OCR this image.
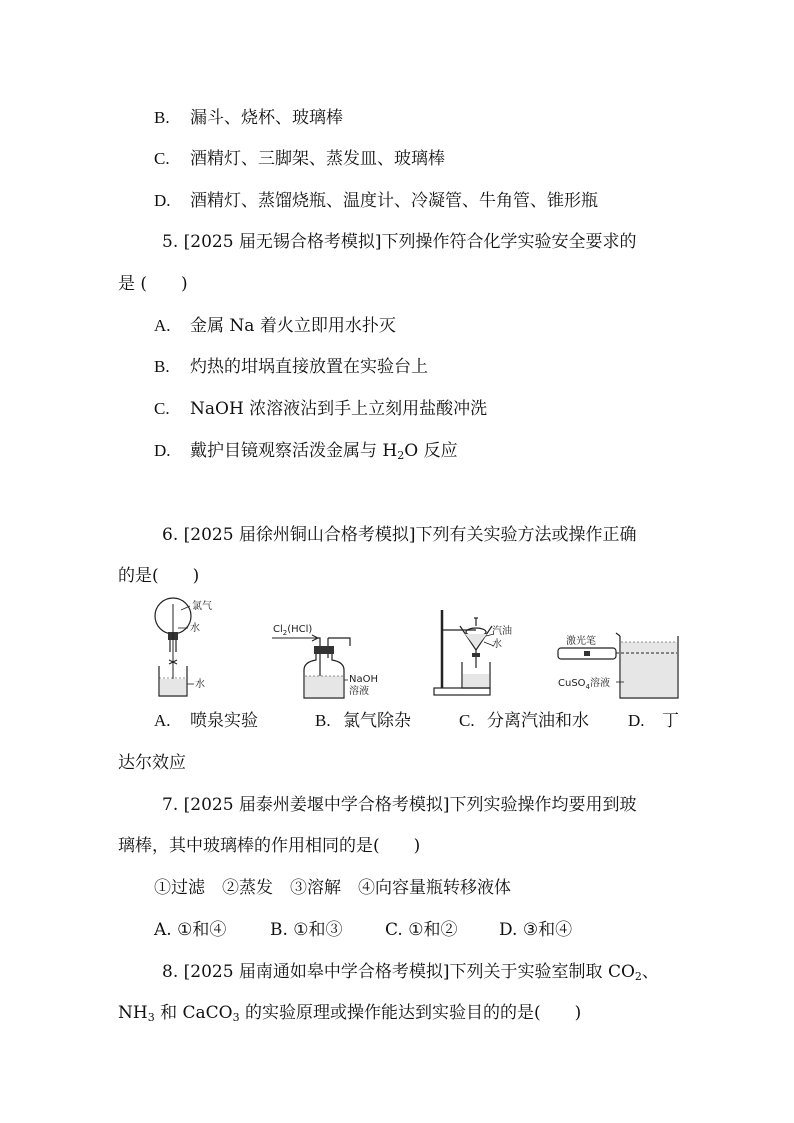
B. 漏斗、烧杯、玻璃棒
C. 酒精灯、三脚架、蒸发皿、玻璃棒
D. 酒精灯、蒸馏烧瓶、温度计、冷凝管、牛角管、锥形瓶
5. [2025 届无锡合格考模拟]下列操作符合化学实验安全要求的
是 (　　)
A. 金属 Na 着火立即用水扑灭
B. 灼热的坩埚直接放置在实验台上
C. NaOH 浓溶液沾到手上立刻用盐酸冲洗
D. 戴护目镜观察活泼金属与 $H_2O$ 反应
6. [2025 届徐州铜山合格考模拟]下列有关实验方法或操作正确
的是(　　)
氯气
水
水
$Cl_2(HCl)$
NaOH
溶液
汽油
水	激光笔
CuSO$_4$溶液
A. 喷泉实验	B. 氯气除杂	C. 分离汽油和水 D. 丁
达尔效应
7. [2025 届泰州姜堰中学合格考模拟]下列实验操作均要用到玻
璃棒，其中玻璃棒的作用相同的是(　　)
①过滤　②蒸发　③溶解　④向容量瓶转移液体
A. ①和④	B. ①和③ C. ①和② D. ③和④
8. [2025 届南通如皋中学合格考模拟]下列关于实验室制取 $CO_2$、
$NH_3$ 和 CaCO$_3$ 的实验原理或操作能达到实验目的的是(　　)
